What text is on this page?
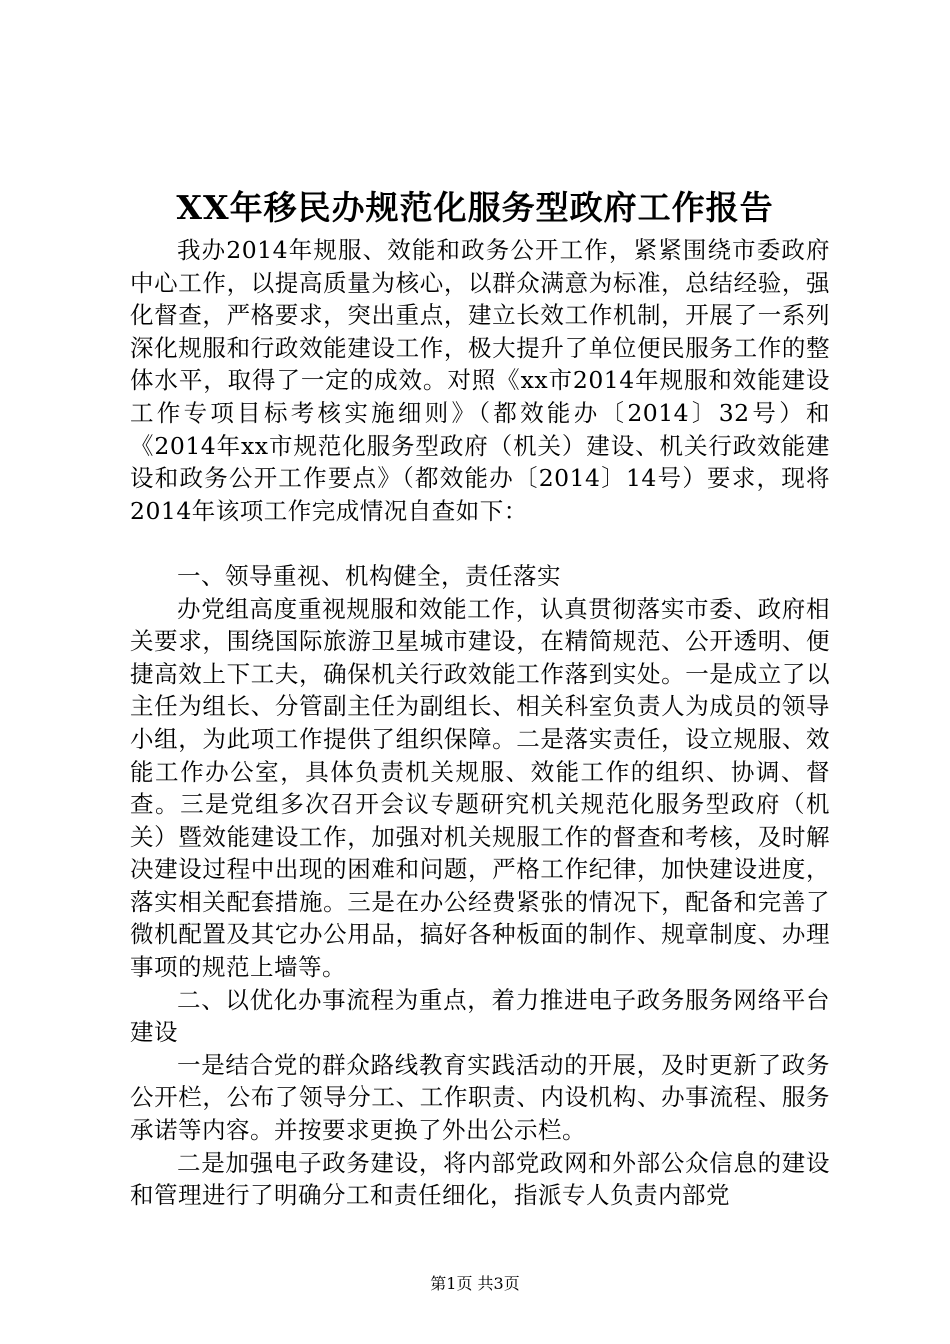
XX年移民办规范化服务型政府工作报告

我办2014年规服、效能和政务公开工作，紧紧围绕市委政府中心工作，以提高质量为核心，以群众满意为标准，总结经验，强化督查，严格要求，突出重点，建立长效工作机制，开展了一系列深化规服和行政效能建设工作，极大提升了单位便民服务工作的整体水平，取得了一定的成效。对照《xx市2014年规服和效能建设工作专项目标考核实施细则》（都效能办〔2014〕32号）和《2014年xx市规范化服务型政府（机关）建设、机关行政效能建设和政务公开工作要点》（都效能办〔2014〕14号）要求，现将2014年该项工作完成情况自查如下：

一、领导重视、机构健全，责任落实

办党组高度重视规服和效能工作，认真贯彻落实市委、政府相关要求，围绕国际旅游卫星城市建设，在精简规范、公开透明、便捷高效上下工夫，确保机关行政效能工作落到实处。一是成立了以主任为组长、分管副主任为副组长、相关科室负责人为成员的领导小组，为此项工作提供了组织保障。二是落实责任，设立规服、效能工作办公室，具体负责机关规服、效能工作的组织、协调、督查。三是党组多次召开会议专题研究机关规范化服务型政府（机关）暨效能建设工作，加强对机关规服工作的督查和考核，及时解决建设过程中出现的困难和问题，严格工作纪律，加快建设进度，落实相关配套措施。三是在办公经费紧张的情况下，配备和完善了微机配置及其它办公用品，搞好各种板面的制作、规章制度、办理事项的规范上墙等。

二、以优化办事流程为重点，着力推进电子政务服务网络平台建设

一是结合党的群众路线教育实践活动的开展，及时更新了政务公开栏，公布了领导分工、工作职责、内设机构、办事流程、服务承诺等内容。并按要求更换了外出公示栏。

二是加强电子政务建设，将内部党政网和外部公众信息的建设和管理进行了明确分工和责任细化，指派专人负责内部党

第1页 共3页
